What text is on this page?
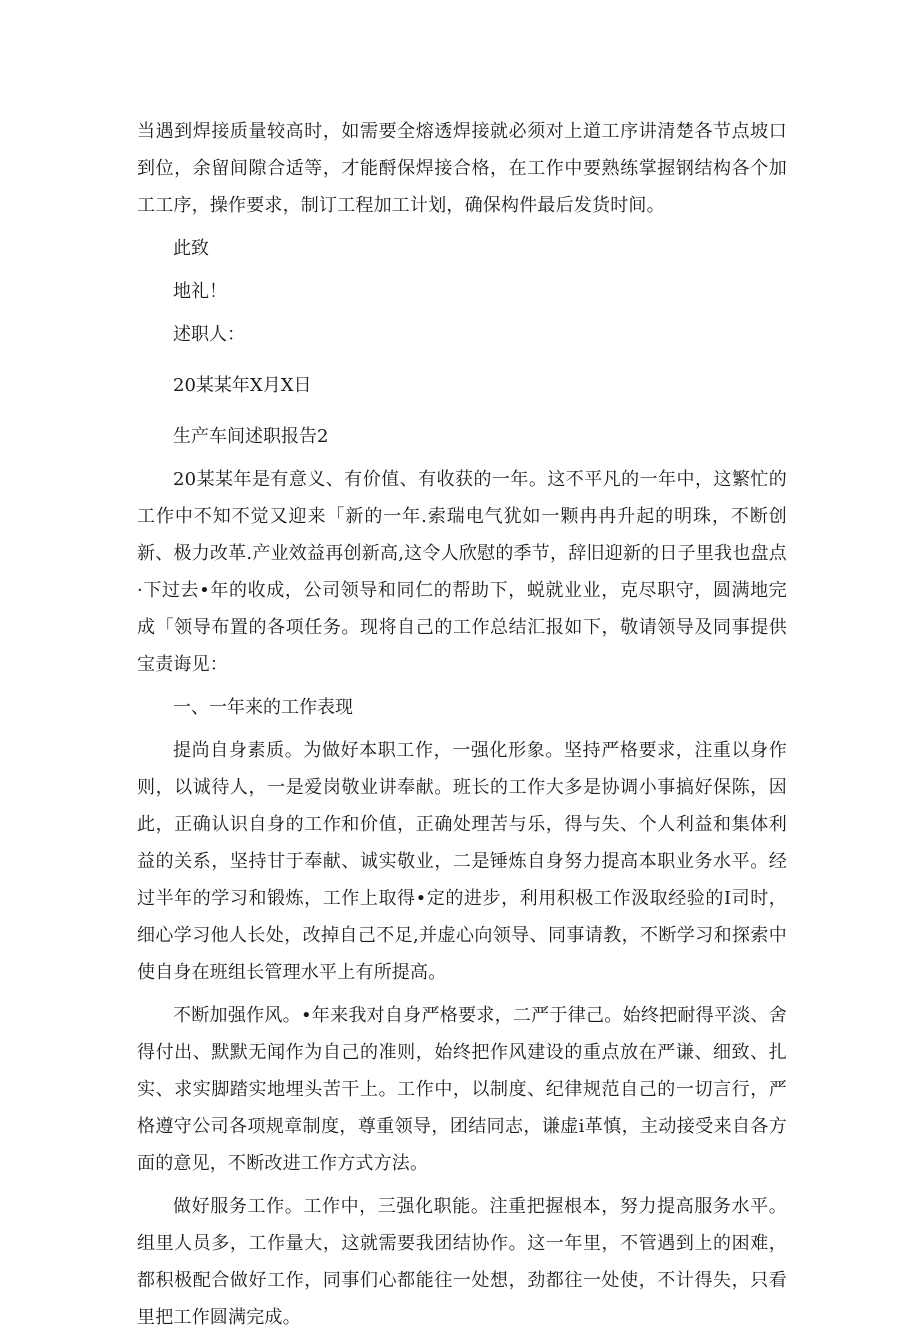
当遇到焊接质量较高时，如需要全熔透焊接就必须对上道工序讲清楚各节点坡口到位，余留间隙合适等，才能酹保焊接合格，在工作中要熟练掌握钢结构各个加工工序，操作要求，制订工程加工计划，确保构件最后发货时间。

此致

地礼！

述职人：

20某某年X月X日

生产车间述职报告2

20某某年是有意义、有价值、有收获的一年。这不平凡的一年中，这繁忙的工作中不知不觉又迎来「新的一年.索瑞电气犹如一颗冉冉升起的明珠，不断创新、极力改革.产业效益再创新高,这令人欣慰的季节，辞旧迎新的日子里我也盘点·下过去•年的收成，公司领导和同仁的帮助下，蜕就业业，克尽职守，圆满地完成「领导布置的各项任务。现将自己的工作总结汇报如下，敬请领导及同事提供宝责诲见：

一、一年来的工作表现

提尚自身素质。为做好本职工作，一强化形象。坚持严格要求，注重以身作则，以诚待人，一是爱岗敬业讲奉献。班长的工作大多是协调小事搞好保陈，因此，正确认识自身的工作和价值，正确处理苦与乐，得与失、个人利益和集体利益的关系，坚持甘于奉献、诚实敬业，二是锤炼自身努力提高本职业务水平。经过半年的学习和锻炼，工作上取得•定的进步，利用积极工作汲取经验的I司时，细心学习他人长处，改掉自己不足,并虚心向领导、同事请教，不断学习和探索中使自身在班组长管理水平上有所提高。

不断加强作风。•年来我对自身严格要求，二严于律己。始终把耐得平淡、舍得付出、默默无闻作为自己的准则，始终把作风建设的重点放在严谦、细致、扎实、求实脚踏实地埋头苦干上。工作中，以制度、纪律规范自己的一切言行，严格遵守公司各项规章制度，尊重领导，团结同志，谦虚i革慎，主动接受来自各方面的意见，不断改进工作方式方法。

做好服务工作。工作中，三强化职能。注重把握根本，努力提高服务水平。组里人员多，工作量大，这就需要我团结协作。这一年里，不管遇到上的困难，都积极配合做好工作，同事们心都能往一处想，劲都往一处使，不计得失，只看里把工作圆满完成。
